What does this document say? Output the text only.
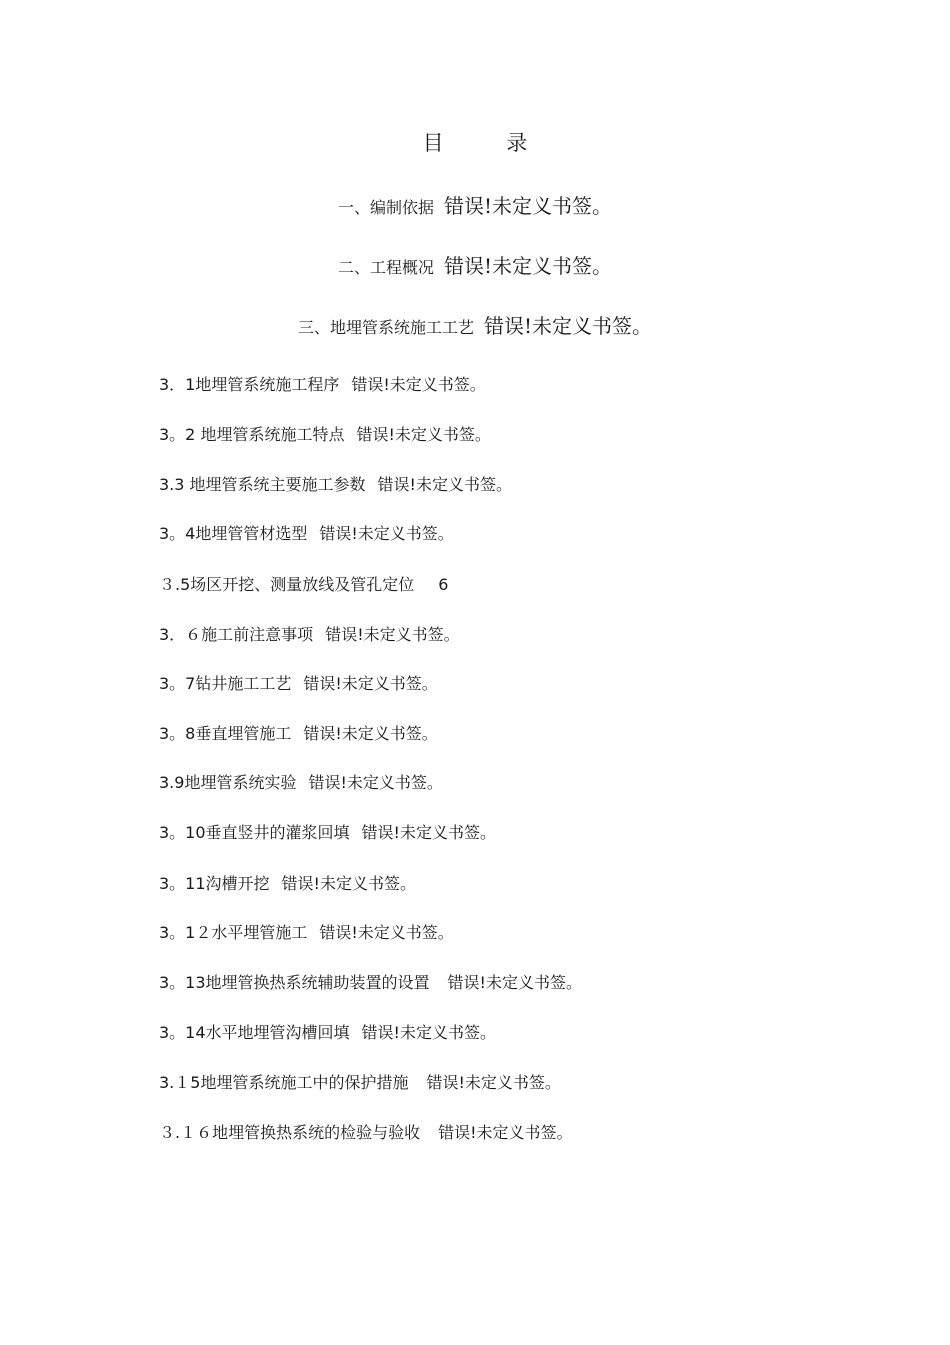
目 录
一、编制依据 错误!未定义书签。
二、工程概况 错误!未定义书签。
三、地埋管系统施工工艺 错误!未定义书签。
3．1地埋管系统施工程序 错误!未定义书签。
3。2 地埋管系统施工特点 错误!未定义书签。
3.3 地埋管系统主要施工参数 错误!未定义书签。
3。4地埋管管材选型 错误!未定义书签。
３.5场区开挖、测量放线及管孔定位 6
3．６施工前注意事项 错误!未定义书签。
3。7钻井施工工艺 错误!未定义书签。
3。8垂直埋管施工 错误!未定义书签。
3.9地埋管系统实验 错误!未定义书签。
3。10垂直竖井的灌浆回填 错误!未定义书签。
3。11沟槽开挖 错误!未定义书签。
3。1２水平埋管施工 错误!未定义书签。
3。13地埋管换热系统辅助装置的设置 错误!未定义书签。
3。14水平地埋管沟槽回填 错误!未定义书签。
3.１5地埋管系统施工中的保护措施 错误!未定义书签。
３.１６地埋管换热系统的检验与验收 错误!未定义书签。
